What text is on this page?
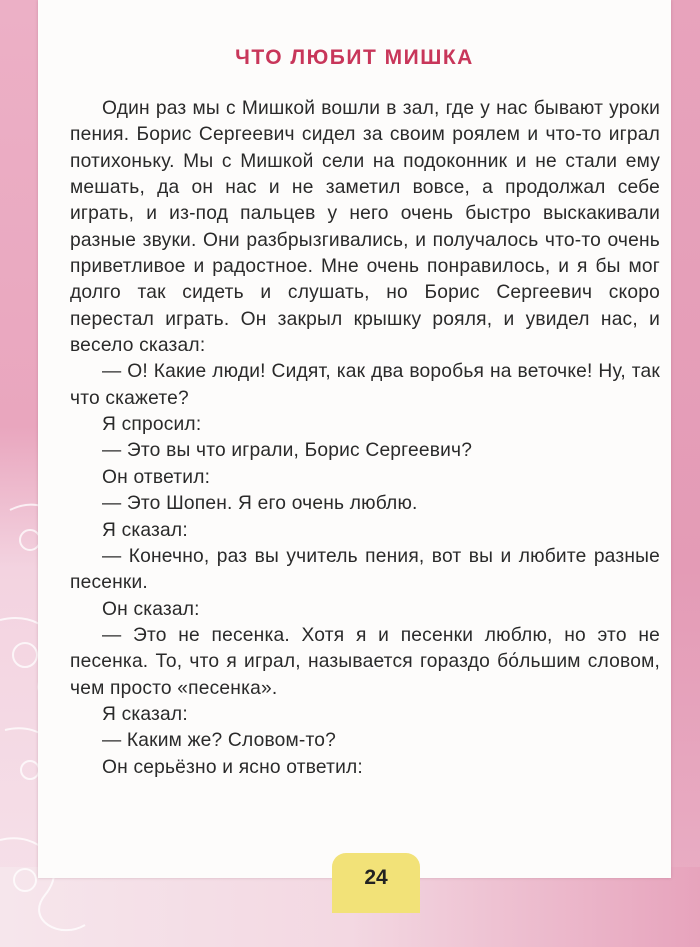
ЧТО ЛЮБИТ МИШКА

Один раз мы с Мишкой вошли в зал, где у нас бывают уроки пения. Борис Сергеевич сидел за своим роялем и что-то играл потихоньку. Мы с Мишкой сели на подоконник и не стали ему мешать, да он нас и не заметил вовсе, а продолжал себе играть, и из-под пальцев у него очень быстро выскакивали разные звуки. Они разбрызгивались, и получалось что-то очень приветливое и радостное. Мне очень понравилось, и я бы мог долго так сидеть и слушать, но Борис Сергеевич скоро перестал играть. Он закрыл крышку рояля, и увидел нас, и весело сказал:

— О! Какие люди! Сидят, как два воробья на веточке! Ну, так что скажете?

Я спросил:

— Это вы что играли, Борис Сергеевич?

Он ответил:

— Это Шопен. Я его очень люблю.

Я сказал:

— Конечно, раз вы учитель пения, вот вы и любите разные песенки.

Он сказал:

— Это не песенка. Хотя я и песенки люблю, но это не песенка. То, что я играл, называется гораздо бо́льшим словом, чем просто «песенка».

Я сказал:

— Каким же? Словом-то?

Он серьёзно и ясно ответил:

24
